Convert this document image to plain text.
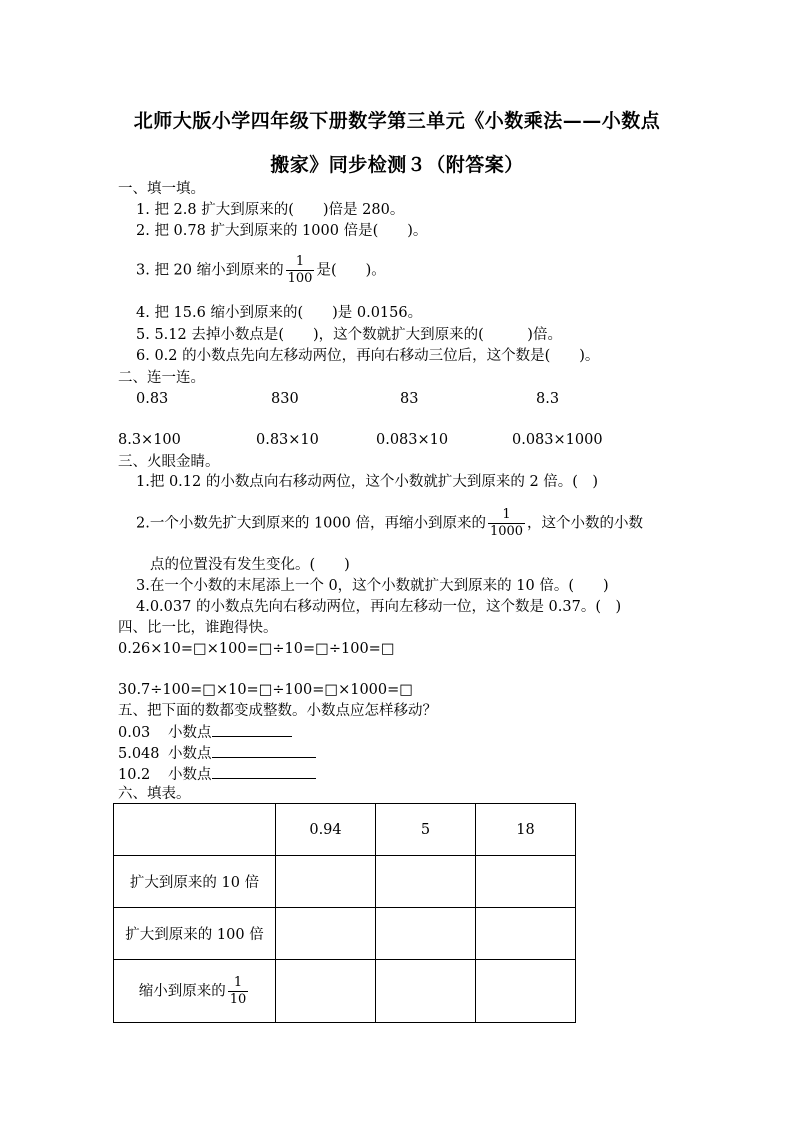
北师大版小学四年级下册数学第三单元《小数乘法——小数点
搬家》同步检测３（附答案）
一、填一填。
1. 把 2.8 扩大到原来的(　　)倍是 280。
2. 把 0.78 扩大到原来的 1000 倍是(　　)。
3. 把 20 缩小到原来的 $\frac{1}{100}$ 是(　　)。
4. 把 15.6 缩小到原来的(　　)是 0.0156。
5. 5.12 去掉小数点是(　　)，这个数就扩大到原来的(　　　)倍。
6. 0.2 的小数点先向左移动两位，再向右移动三位后，这个数是(　　)。
二、连一连。
0.83	830	83	8.3
8.3×100	0.83×10	0.083×10	0.083×1000
三、火眼金睛。
1.把 0.12 的小数点向右移动两位，这个小数就扩大到原来的 2 倍。(　)
2.一个小数先扩大到原来的 1000 倍，再缩小到原来的 $\frac{1}{1000}$ ，这个小数的小数
点的位置没有发生变化。(　　)
3.在一个小数的末尾添上一个 0，这个小数就扩大到原来的 10 倍。(　　)
4.0.037 的小数点先向右移动两位，再向左移动一位，这个数是 0.37。(　)
四、比一比，谁跑得快。
0.26×10=□×100=□÷10=□÷100=□
30.7÷100=□×10=□÷100=□×1000=□
五、把下面的数都变成整数。小数点应怎样移动？
0.03 小数点
5.048 小数点
10.2 小数点
六、填表。
	0.94	5	18
扩大到原来的 10 倍			
扩大到原来的 100 倍			
缩小到原来的 $\frac{1}{10}$
